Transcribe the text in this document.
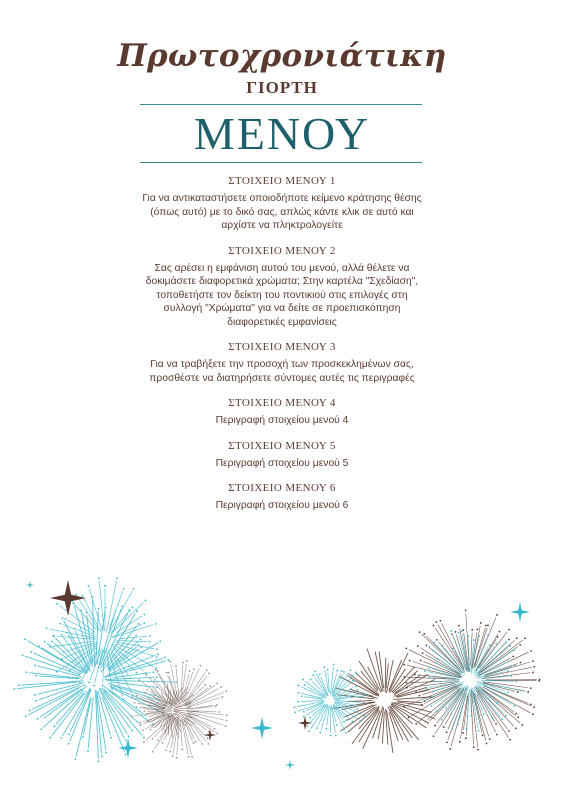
Πρωτοχρονιάτικη
ΓΙΟΡΤΗ
ΜΕΝΟΥ
ΣΤΟΙΧΕΙΟ ΜΕΝΟΥ 1
Για να αντικαταστήσετε οποιοδήποτε κείμενο κράτησης θέσης (όπως αυτό) με το δικό σας, απλώς κάντε κλικ σε αυτό και αρχίστε να πληκτρολογείτε
ΣΤΟΙΧΕΙΟ ΜΕΝΟΥ 2
Σας αρέσει η εμφάνιση αυτού του μενού, αλλά θέλετε να δοκιμάσετε διαφορετικά χρώματα; Στην καρτέλα "Σχεδίαση", τοποθετήστε τον δείκτη του ποντικιού στις επιλογές στη συλλογή "Χρώματα" για να δείτε σε προεπισκόπηση διαφορετικές εμφανίσεις
ΣΤΟΙΧΕΙΟ ΜΕΝΟΥ 3
Για να τραβήξετε την προσοχή των προσκεκλημένων σας, προσθέστε να διατηρήσετε σύντομες αυτές τις περιγραφές
ΣΤΟΙΧΕΙΟ ΜΕΝΟΥ 4
Περιγραφή στοιχείου μενού 4
ΣΤΟΙΧΕΙΟ ΜΕΝΟΥ 5
Περιγραφή στοιχείου μενού 5
ΣΤΟΙΧΕΙΟ ΜΕΝΟΥ 6
Περιγραφή στοιχείου μενού 6
